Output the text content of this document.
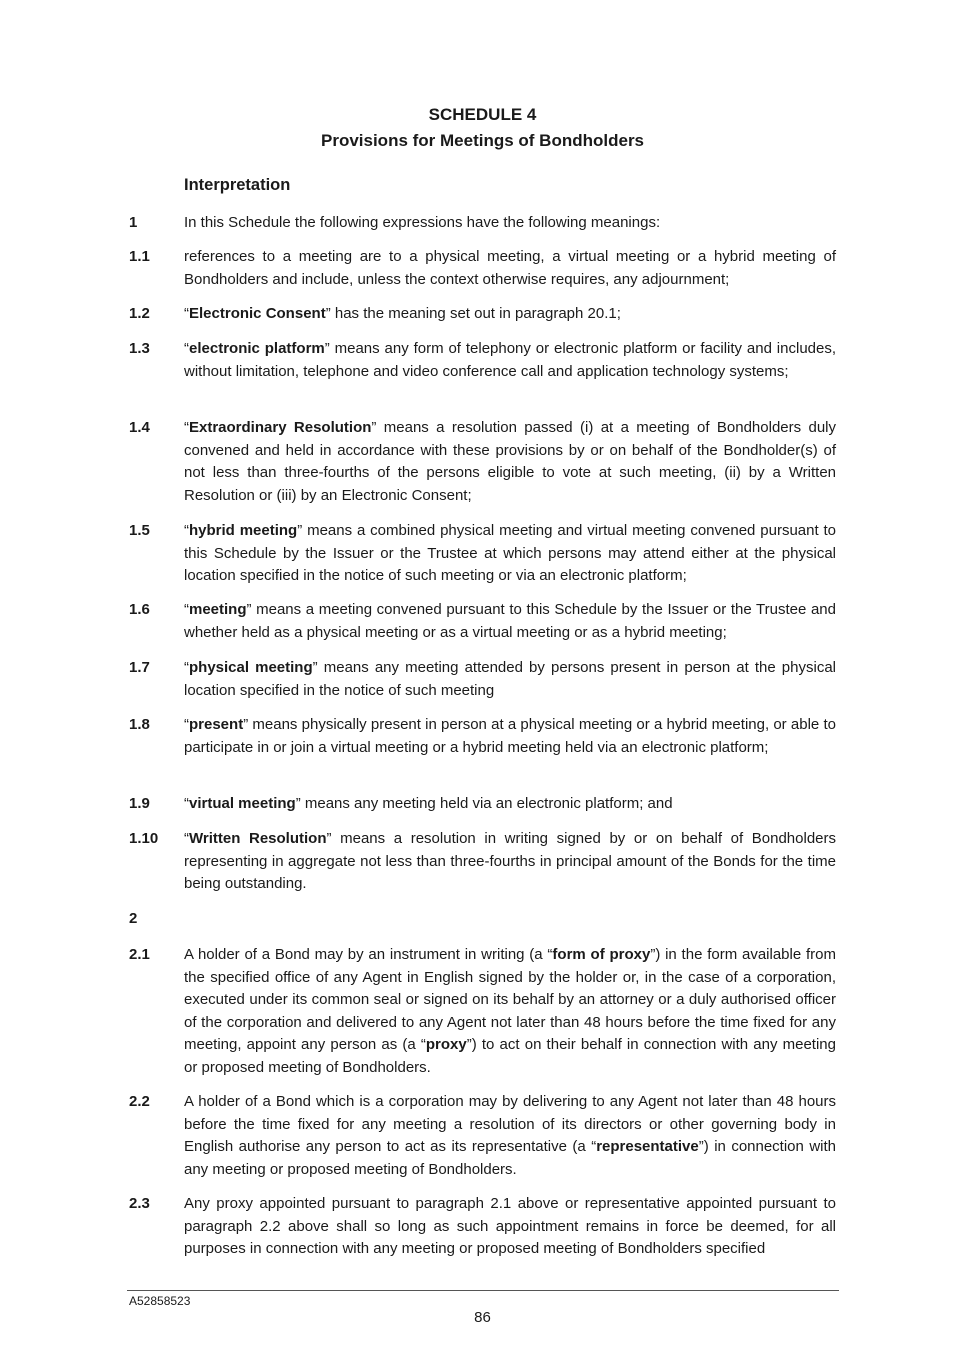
SCHEDULE 4
Provisions for Meetings of Bondholders
Interpretation
1	In this Schedule the following expressions have the following meanings:
1.1 references to a meeting are to a physical meeting, a virtual meeting or a hybrid meeting of Bondholders and include, unless the context otherwise requires, any adjournment;
1.2 “Electronic Consent” has the meaning set out in paragraph 20.1;
1.3 “electronic platform” means any form of telephony or electronic platform or facility and includes, without limitation, telephone and video conference call and application technology systems;
1.4 “Extraordinary Resolution” means a resolution passed (i) at a meeting of Bondholders duly convened and held in accordance with these provisions by or on behalf of the Bondholder(s) of not less than three-fourths of the persons eligible to vote at such meeting, (ii) by a Written Resolution or (iii) by an Electronic Consent;
1.5 “hybrid meeting” means a combined physical meeting and virtual meeting convened pursuant to this Schedule by the Issuer or the Trustee at which persons may attend either at the physical location specified in the notice of such meeting or via an electronic platform;
1.6 “meeting” means a meeting convened pursuant to this Schedule by the Issuer or the Trustee and whether held as a physical meeting or as a virtual meeting or as a hybrid meeting;
1.7 “physical meeting” means any meeting attended by persons present in person at the physical location specified in the notice of such meeting
1.8 “present” means physically present in person at a physical meeting or a hybrid meeting, or able to participate in or join a virtual meeting or a hybrid meeting held via an electronic platform;
1.9 “virtual meeting” means any meeting held via an electronic platform; and
1.10 “Written Resolution” means a resolution in writing signed by or on behalf of Bondholders representing in aggregate not less than three-fourths in principal amount of the Bonds for the time being outstanding.
2
2.1 A holder of a Bond may by an instrument in writing (a “form of proxy”) in the form available from the specified office of any Agent in English signed by the holder or, in the case of a corporation, executed under its common seal or signed on its behalf by an attorney or a duly authorised officer of the corporation and delivered to any Agent not later than 48 hours before the time fixed for any meeting, appoint any person as (a “proxy”) to act on their behalf in connection with any meeting or proposed meeting of Bondholders.
2.2 A holder of a Bond which is a corporation may by delivering to any Agent not later than 48 hours before the time fixed for any meeting a resolution of its directors or other governing body in English authorise any person to act as its representative (a “representative”) in connection with any meeting or proposed meeting of Bondholders.
2.3 Any proxy appointed pursuant to paragraph 2.1 above or representative appointed pursuant to paragraph 2.2 above shall so long as such appointment remains in force be deemed, for all purposes in connection with any meeting or proposed meeting of Bondholders specified
A52858523
86
